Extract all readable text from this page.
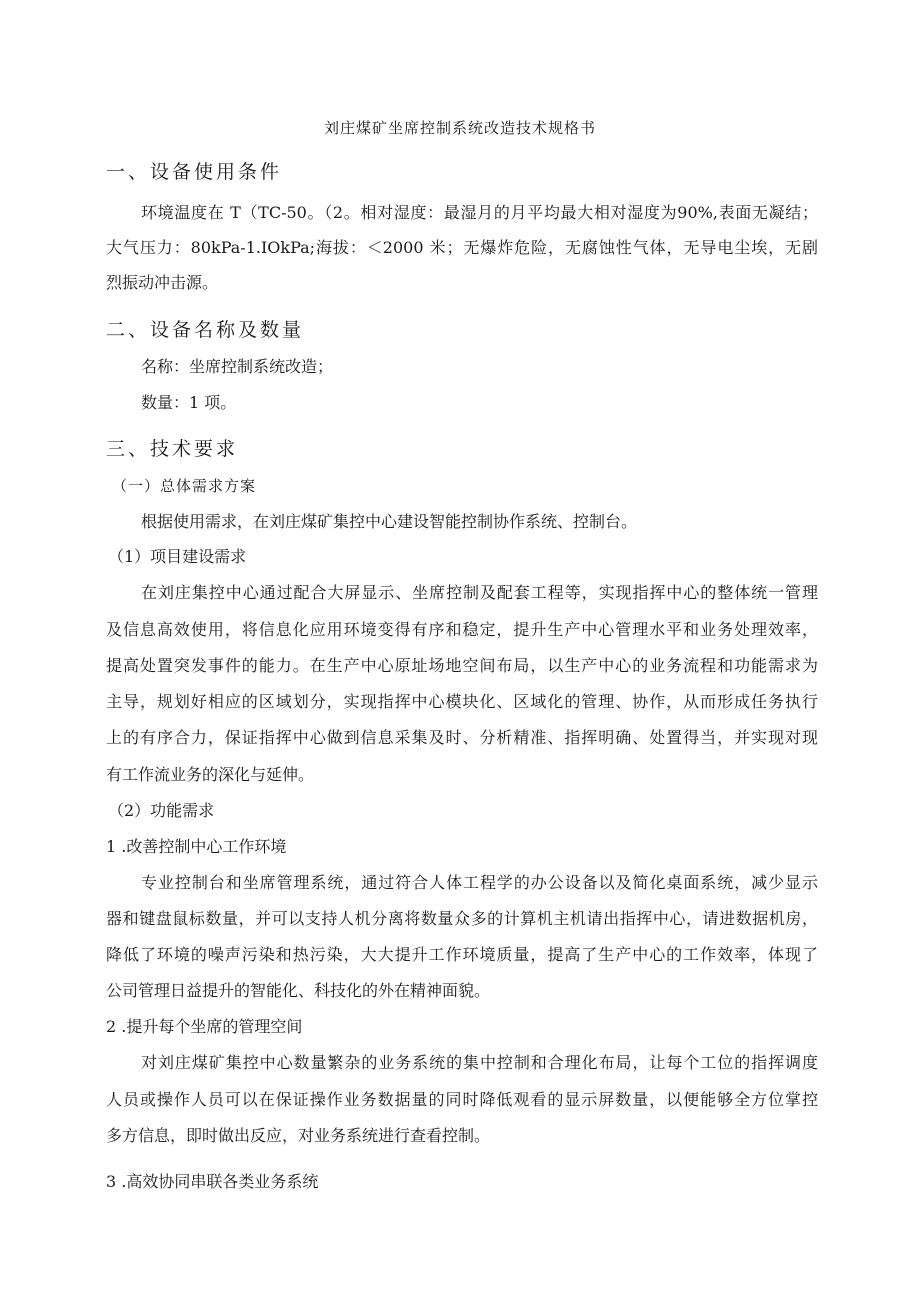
刘庄煤矿坐席控制系统改造技术规格书
一、设备使用条件
环境温度在 T（TC-50。（2。相对湿度：最湿月的月平均最大相对湿度为90%,表面无凝结；
大气压力：80kPa-1.IOkPa;海拔：＜2000 米；无爆炸危险，无腐蚀性气体，无导电尘埃，无剧
烈振动冲击源。
二、设备名称及数量
名称：坐席控制系统改造；
数量：1 项。
三、技术要求
（一）总体需求方案
根据使用需求，在刘庄煤矿集控中心建设智能控制协作系统、控制台。
（1）项目建设需求
在刘庄集控中心通过配合大屏显示、坐席控制及配套工程等，实现指挥中心的整体统一管理
及信息高效使用，将信息化应用环境变得有序和稳定，提升生产中心管理水平和业务处理效率，
提高处置突发事件的能力。在生产中心原址场地空间布局，以生产中心的业务流程和功能需求为
主导，规划好相应的区域划分，实现指挥中心模块化、区域化的管理、协作，从而形成任务执行
上的有序合力，保证指挥中心做到信息采集及时、分析精准、指挥明确、处置得当，并实现对现
有工作流业务的深化与延伸。
（2）功能需求
1 .改善控制中心工作环境
专业控制台和坐席管理系统，通过符合人体工程学的办公设备以及简化桌面系统，减少显示
器和键盘鼠标数量，并可以支持人机分离将数量众多的计算机主机请出指挥中心，请进数据机房，
降低了环境的噪声污染和热污染，大大提升工作环境质量，提高了生产中心的工作效率，体现了
公司管理日益提升的智能化、科技化的外在精神面貌。
2 .提升每个坐席的管理空间
对刘庄煤矿集控中心数量繁杂的业务系统的集中控制和合理化布局，让每个工位的指挥调度
人员或操作人员可以在保证操作业务数据量的同时降低观看的显示屏数量，以便能够全方位掌控
多方信息，即时做出反应，对业务系统进行查看控制。
3 .高效协同串联各类业务系统
